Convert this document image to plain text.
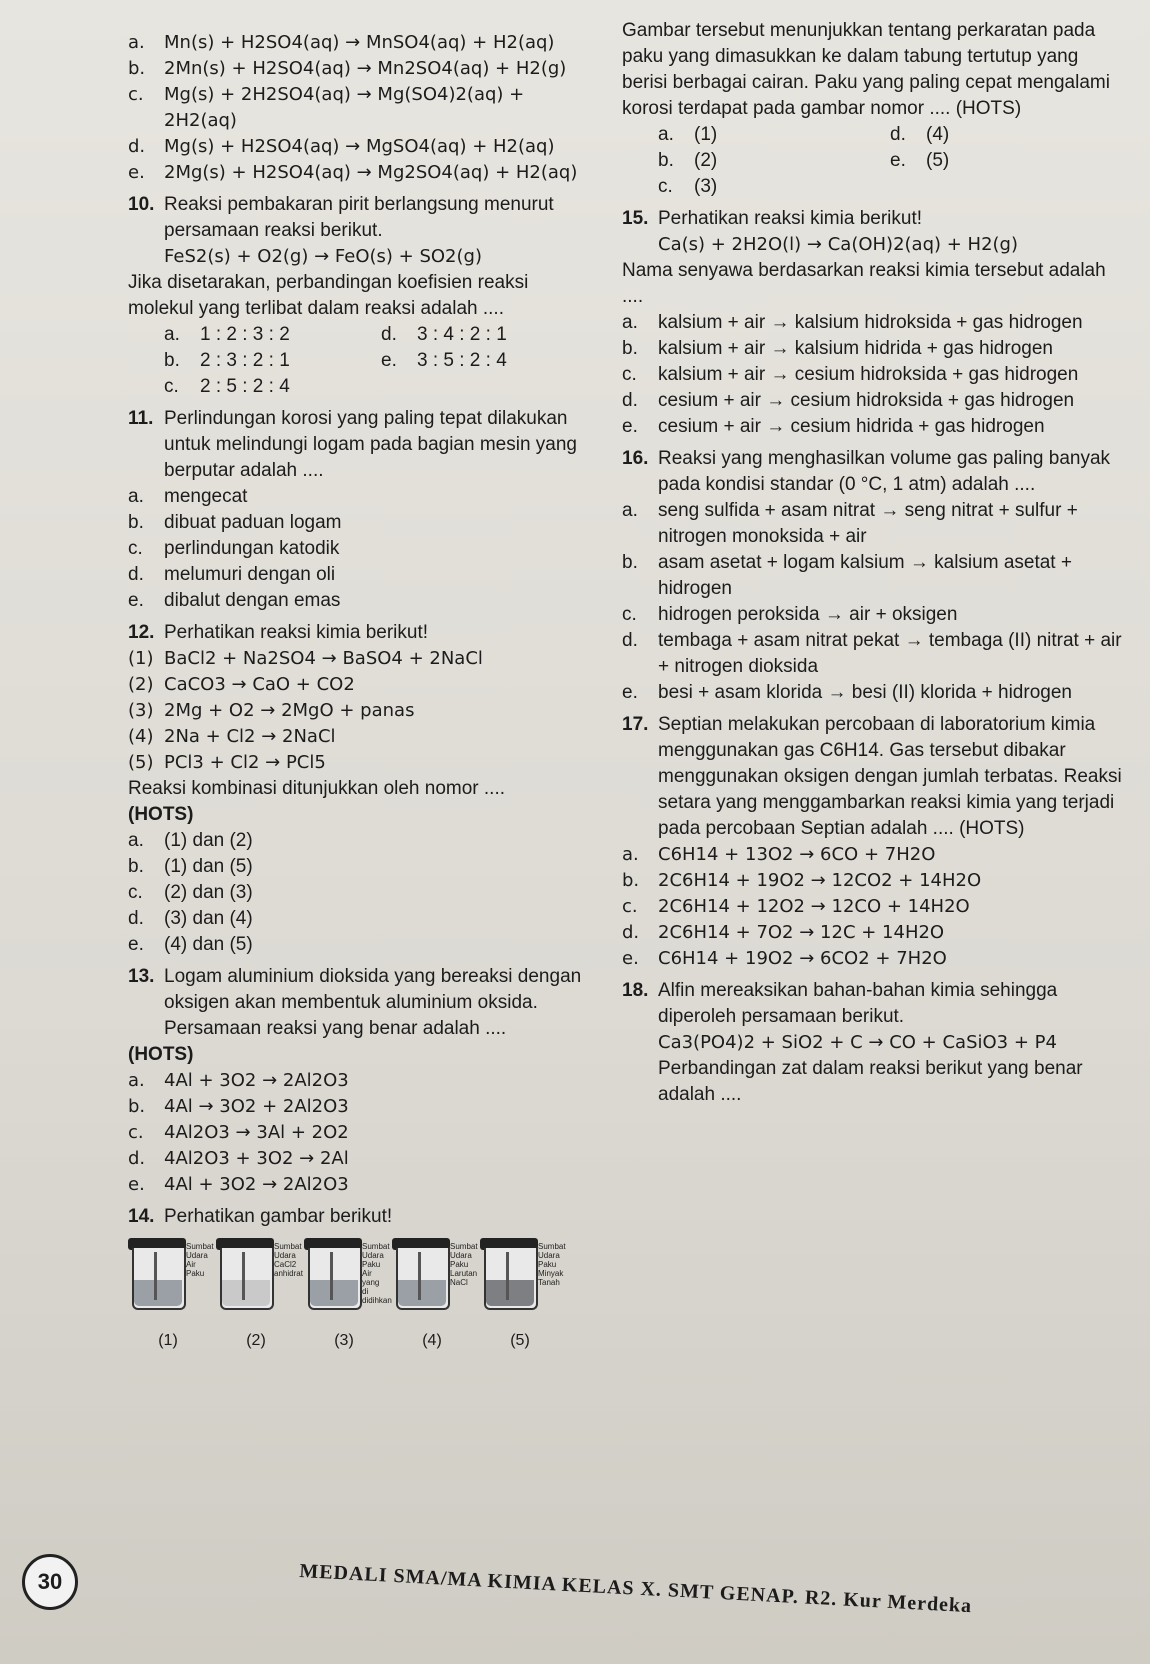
a.	Mn(s) + H2SO4(aq) → MnSO4(aq) + H2(aq)
b.	2Mn(s) + H2SO4(aq) → Mn2SO4(aq) + H2(g)
c.	Mg(s) + 2H2SO4(aq) → Mg(SO4)2(aq) + 2H2(aq)
d.	Mg(s) + H2SO4(aq) → MgSO4(aq) + H2(aq)
e.	2Mg(s) + H2SO4(aq) → Mg2SO4(aq) + H2(aq)
10. Reaksi pembakaran pirit berlangsung menurut persamaan reaksi berikut.
FeS2(s) + O2(g) → FeO(s) + SO2(g)
Jika disetarakan, perbandingan koefisien reaksi molekul yang terlibat dalam reaksi adalah ....
a.	1 : 2 : 3 : 2	d.	3 : 4 : 2 : 1
b.	2 : 3 : 2 : 1	e.	3 : 5 : 2 : 4
c.	2 : 5 : 2 : 4
11. Perlindungan korosi yang paling tepat dilakukan untuk melindungi logam pada bagian mesin yang berputar adalah ....
a.	mengecat
b.	dibuat paduan logam
c.	perlindungan katodik
d.	melumuri dengan oli
e.	dibalut dengan emas
12. Perhatikan reaksi kimia berikut!
(1) BaCl2 + Na2SO4 → BaSO4 + 2NaCl
(2) CaCO3 → CaO + CO2
(3) 2Mg + O2 → 2MgO + panas
(4) 2Na + Cl2 → 2NaCl
(5) PCl3 + Cl2 → PCl5
Reaksi kombinasi ditunjukkan oleh nomor ....
(HOTS)
a.	(1) dan (2)
b.	(1) dan (5)
c.	(2) dan (3)
d.	(3) dan (4)
e.	(4) dan (5)
13. Logam aluminium dioksida yang bereaksi dengan oksigen akan membentuk aluminium oksida. Persamaan reaksi yang benar adalah ....
(HOTS)
a.	4Al + 3O2 → 2Al2O3
b.	4Al → 3O2 + 2Al2O3
c.	4Al2O3 → 3Al + 2O2
d.	4Al2O3 + 3O2 → 2Al
e.	4Al + 3O2 → 2Al2O3
14. Perhatikan gambar berikut!
Sumbat Udara Air Paku
Sumbat Udara CaCl2 anhidrat
Sumbat Udara Paku Air yang di didihkan
Sumbat Udara Paku Larutan NaCl
Sumbat Udara Paku Minyak Tanah
(1)	(2)	(3)	(4)	(5)
Gambar tersebut menunjukkan tentang perkaratan pada paku yang dimasukkan ke dalam tabung tertutup yang berisi berbagai cairan. Paku yang paling cepat mengalami korosi terdapat pada gambar nomor .... (HOTS)
a.	(1)	d.	(4)
b.	(2)	e.	(5)
c.	(3)
15. Perhatikan reaksi kimia berikut!
Ca(s) + 2H2O(l) → Ca(OH)2(aq) + H2(g)
Nama senyawa berdasarkan reaksi kimia tersebut adalah ....
a.	kalsium + air → kalsium hidroksida + gas hidrogen
b.	kalsium + air → kalsium hidrida + gas hidrogen
c.	kalsium + air → cesium hidroksida + gas hidrogen
d.	cesium + air → cesium hidroksida + gas hidrogen
e.	cesium + air → cesium hidrida + gas hidrogen
16. Reaksi yang menghasilkan volume gas paling banyak pada kondisi standar (0 °C, 1 atm) adalah ....
a.	seng sulfida + asam nitrat → seng nitrat + sulfur + nitrogen monoksida + air
b.	asam asetat + logam kalsium → kalsium asetat + hidrogen
c.	hidrogen peroksida → air + oksigen
d.	tembaga + asam nitrat pekat → tembaga (II) nitrat + air + nitrogen dioksida
e.	besi + asam klorida → besi (II) klorida + hidrogen
17. Septian melakukan percobaan di laboratorium kimia menggunakan gas C6H14. Gas tersebut dibakar menggunakan oksigen dengan jumlah terbatas. Reaksi setara yang menggambarkan reaksi kimia yang terjadi pada percobaan Septian adalah .... (HOTS)
a.	C6H14 + 13O2 → 6CO + 7H2O
b.	2C6H14 + 19O2 → 12CO2 + 14H2O
c.	2C6H14 + 12O2 → 12CO + 14H2O
d.	2C6H14 + 7O2 → 12C + 14H2O
e.	C6H14 + 19O2 → 6CO2 + 7H2O
18. Alfin mereaksikan bahan-bahan kimia sehingga diperoleh persamaan berikut.
Ca3(PO4)2 + SiO2 + C → CO + CaSiO3 + P4
Perbandingan zat dalam reaksi berikut yang benar adalah ....
30	MEDALI SMA/MA KIMIA KELAS X. SMT GENAP. R2. Kur Merdeka
